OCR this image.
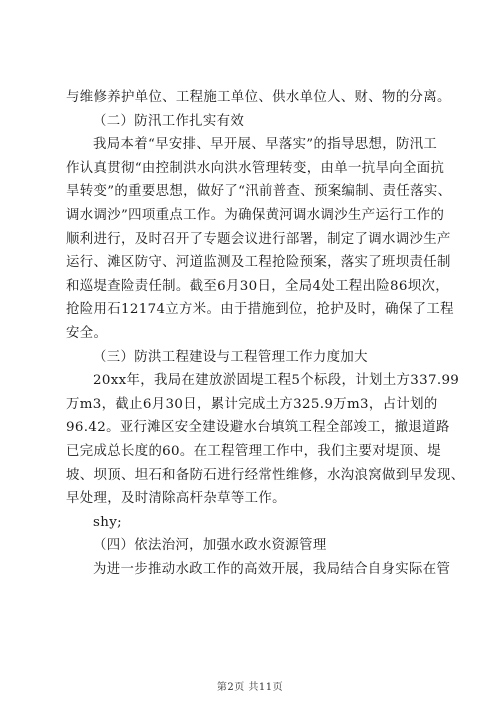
与维修养护单位、工程施工单位、供水单位人、财、物的分离。
（二）防汛工作扎实有效
我局本着“早安排、早开展、早落实”的指导思想，防汛工
作认真贯彻“由控制洪水向洪水管理转变，由单一抗旱向全面抗
旱转变”的重要思想，做好了“汛前普查、预案编制、责任落实、
调水调沙”四项重点工作。为确保黄河调水调沙生产运行工作的
顺利进行，及时召开了专题会议进行部署，制定了调水调沙生产
运行、滩区防守、河道监测及工程抢险预案，落实了班坝责任制
和巡堤查险责任制。截至6月30日，全局4处工程出险86坝次，
抢险用石12174立方米。由于措施到位，抢护及时，确保了工程
安全。
（三）防洪工程建设与工程管理工作力度加大
20xx年，我局在建放淤固堤工程5个标段，计划土方337.99
万m3，截止6月30日，累计完成土方325.9万m3，占计划的
96.42。亚行滩区安全建设避水台填筑工程全部竣工，撤退道路
已完成总长度的60。在工程管理工作中，我们主要对堤顶、堤
坡、坝顶、坦石和备防石进行经常性维修，水沟浪窝做到早发现、
早处理，及时清除高杆杂草等工作。
shy;
（四）依法治河，加强水政水资源管理
为进一步推动水政工作的高效开展，我局结合自身实际在管
第2页 共11页
